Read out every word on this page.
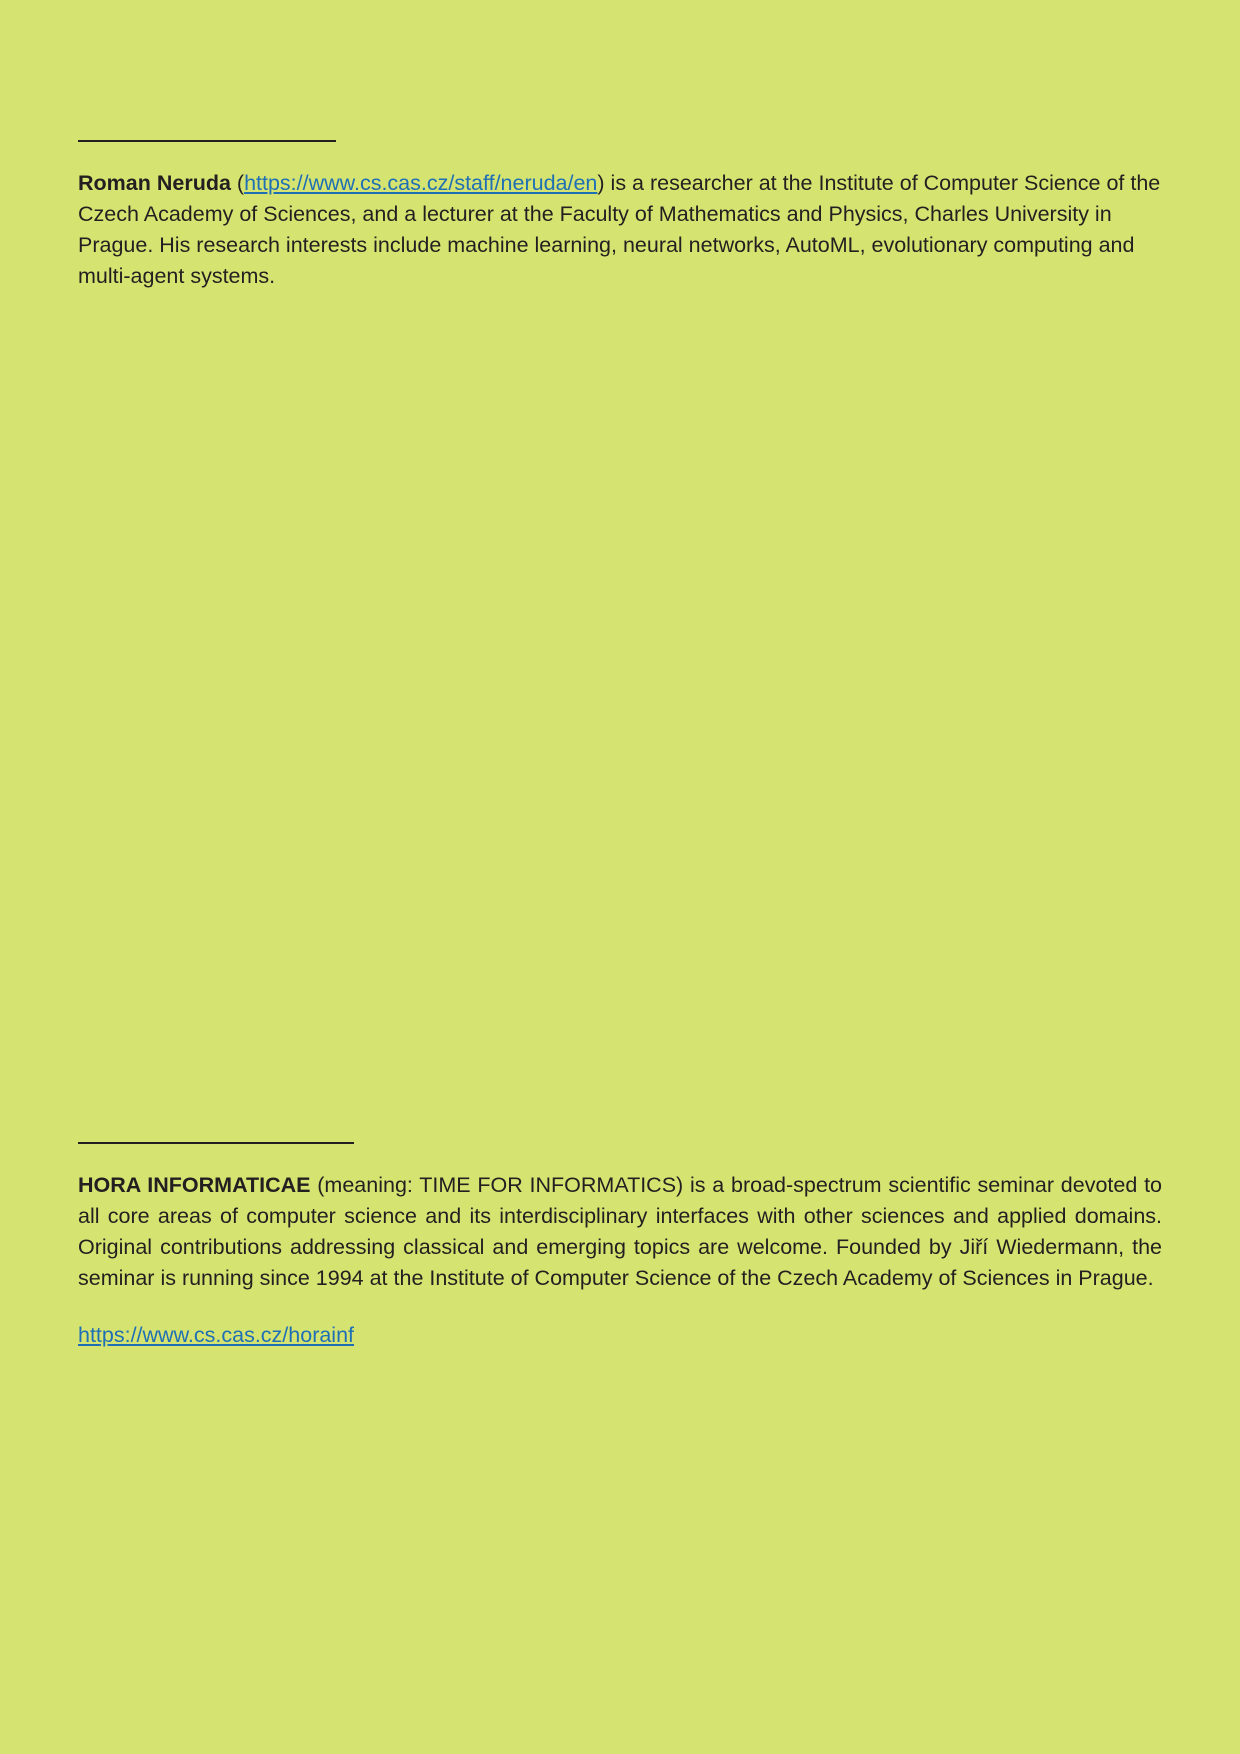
Roman Neruda (https://www.cs.cas.cz/staff/neruda/en) is a researcher at the Institute of Computer Science of the Czech Academy of Sciences, and a lecturer at the Faculty of Mathematics and Physics, Charles University in Prague. His research interests include machine learning, neural networks, AutoML, evolutionary computing and multi-agent systems.

HORA INFORMATICAE (meaning: TIME FOR INFORMATICS) is a broad-spectrum scientific seminar devoted to all core areas of computer science and its interdisciplinary interfaces with other sciences and applied domains. Original contributions addressing classical and emerging topics are welcome. Founded by Jiří Wiedermann, the seminar is running since 1994 at the Institute of Computer Science of the Czech Academy of Sciences in Prague.

https://www.cs.cas.cz/horainf
